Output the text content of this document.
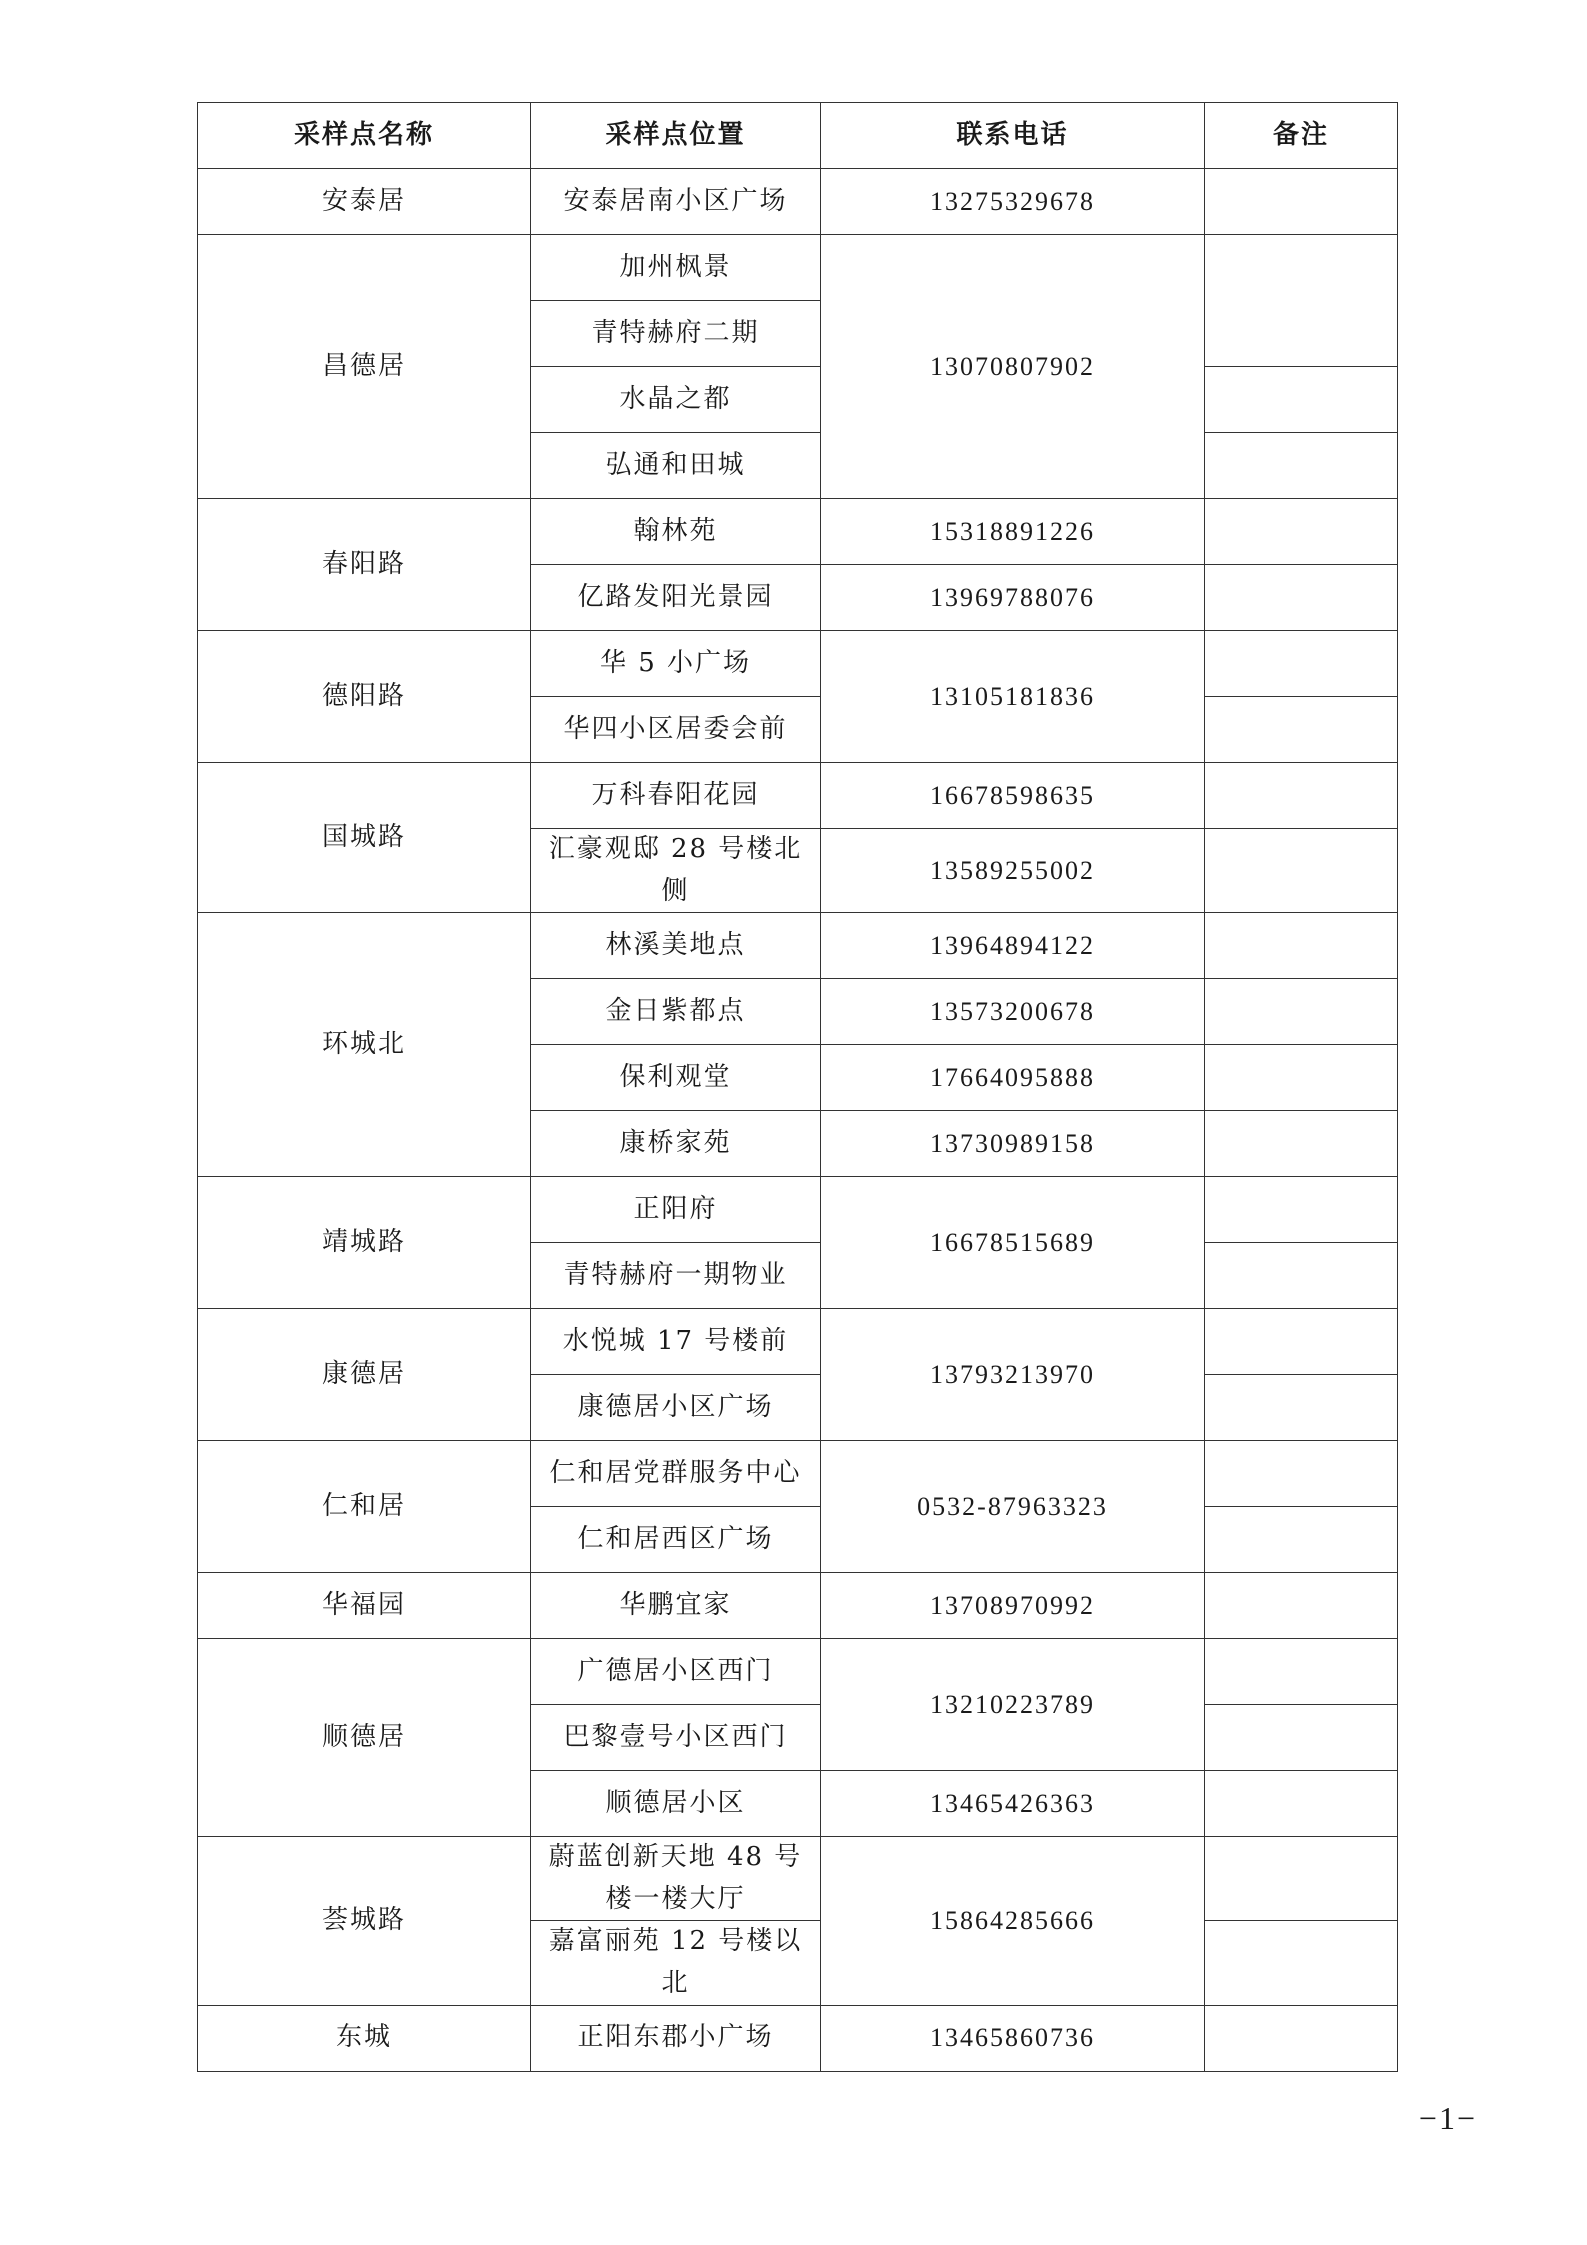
采样点名称	采样点位置	联系电话	备注
安泰居	安泰居南小区广场	13275329678	
昌德居	加州枫景	13070807902	
	青特赫府二期		
	水晶之都		
	弘通和田城		
春阳路	翰林苑	15318891226	
	亿路发阳光景园	13969788076	
德阳路	华 5 小广场	13105181836	
	华四小区居委会前		
国城路	万科春阳花园	16678598635	
	汇豪观邸 28 号楼北侧	13589255002	
环城北	林溪美地点	13964894122	
	金日紫都点	13573200678	
	保利观堂	17664095888	
	康桥家苑	13730989158	
靖城路	正阳府	16678515689	
	青特赫府一期物业		
康德居	水悦城 17 号楼前	13793213970	
	康德居小区广场		
仁和居	仁和居党群服务中心	0532-87963323	
	仁和居西区广场		
华福园	华鹏宜家	13708970992	
顺德居	广德居小区西门	13210223789	
	巴黎壹号小区西门		
	顺德居小区	13465426363	
荟城路	蔚蓝创新天地 48 号楼一楼大厅	15864285666	
	嘉富丽苑 12 号楼以北		
东城	正阳东郡小广场	13465860736	
−1−
